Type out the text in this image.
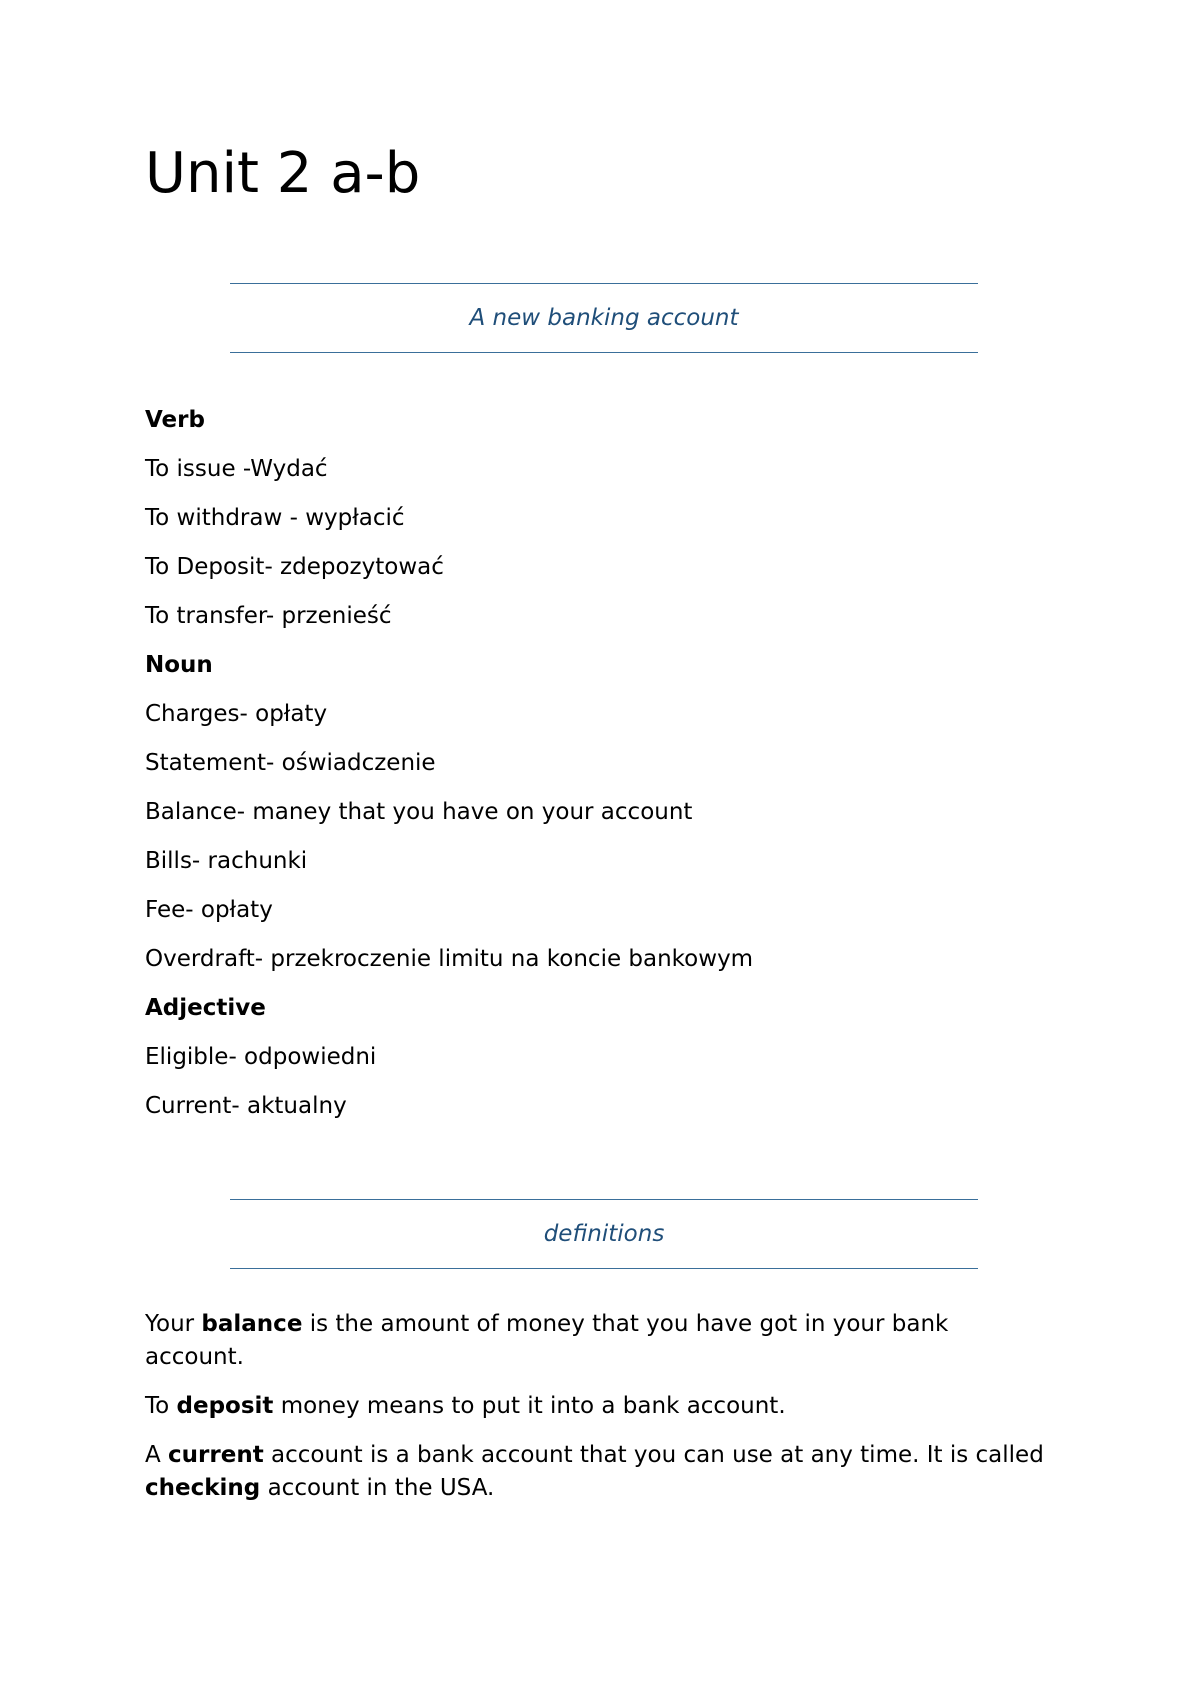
Unit 2 a-b
A new banking account
Verb
To issue -Wydać
To withdraw - wypłacić
To Deposit- zdepozytować
To transfer- przenieść
Noun
Charges- opłaty
Statement- oświadczenie
Balance- maney that you have on your account
Bills- rachunki
Fee- opłaty
Overdraft- przekroczenie limitu na koncie bankowym
Adjective
Eligible- odpowiedni
Current- aktualny
definitions

Your balance is the amount of money that you have got in your bank account.

To deposit money means to put it into a bank account.

A current account is a bank account that you can use at any time. It is called checking account in the USA.
